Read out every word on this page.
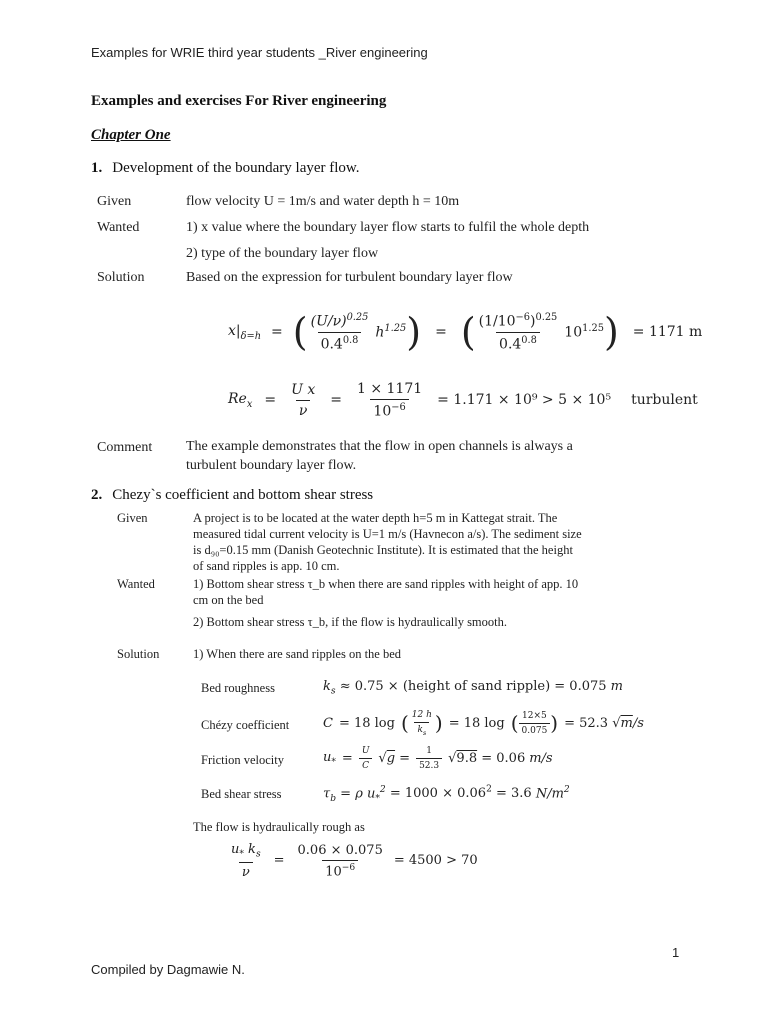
Examples for WRIE third year students _River engineering
Examples and exercises For River engineering
Chapter One
1. Development of the boundary layer flow.
Given	flow velocity U = 1m/s and water depth h = 10m
Wanted	1) x value where the boundary layer flow starts to fulfil the whole depth
2) type of the boundary layer flow
Solution	Based on the expression for turbulent boundary layer flow
$x|_{\delta=h}$ = ( $\frac{(U/\nu)^{0.25}}{0.4^{0.8}} h^{1.25}$ ) = ( $\frac{(1/10^{-6})^{0.25}}{0.4^{0.8}} 10^{1.25}$ ) = 1171 m
$Re_x = \frac{\text{U x}}{\nu} = \frac{1 \times 1171}{10^{-6}} = 1.171 \times 10^9 > 5 \times 10^5$ turbulent
Comment The example demonstrates that the flow in open channels is always a
turbulent boundary layer flow.
2. Chezy`s coefficient and bottom shear stress
Given	A project is to be located at the water depth h=5 m in Kattegat strait. The
measured tidal current velocity is U=1 m/s (Havnecon a/s). The sediment size
is d₉₀=0.15 mm (Danish Geotechnic Institute). It is estimated that the height
of sand ripples is app. 10 cm.
Wanted	1) Bottom shear stress τ_b when there are sand ripples with height of app. 10
cm on the bed
2) Bottom shear stress τ_b, if the flow is hydraulically smooth.
Solution	1) When there are sand ripples on the bed
Bed roughness	$k_s \approx 0.75$ × (height of sand ripple) = 0.075 m
Chézy coefficient	C = 18 log ( $\frac{12 h}{k_s}$ ) = 18 log ( $\frac{12\times 5}{0.075}$ ) = 52.3 √ m /s
Friction velocity	$u_* = \frac{U}{C} √g = \frac{1}{52.3} √9.8 = 0.06$ m/s
Bed shear stress	$\tau_b = \rho$ $u_*^2 = 1000 \times 0.06^2 = 3.6$ $N/m^2$
The flow is hydraulically rough as
$\frac{u_* k_s}{\nu} = \frac{0.06 \times 0.075}{10^{-6}} = 4500 > 70$
1
Compiled by Dagmawie N.
